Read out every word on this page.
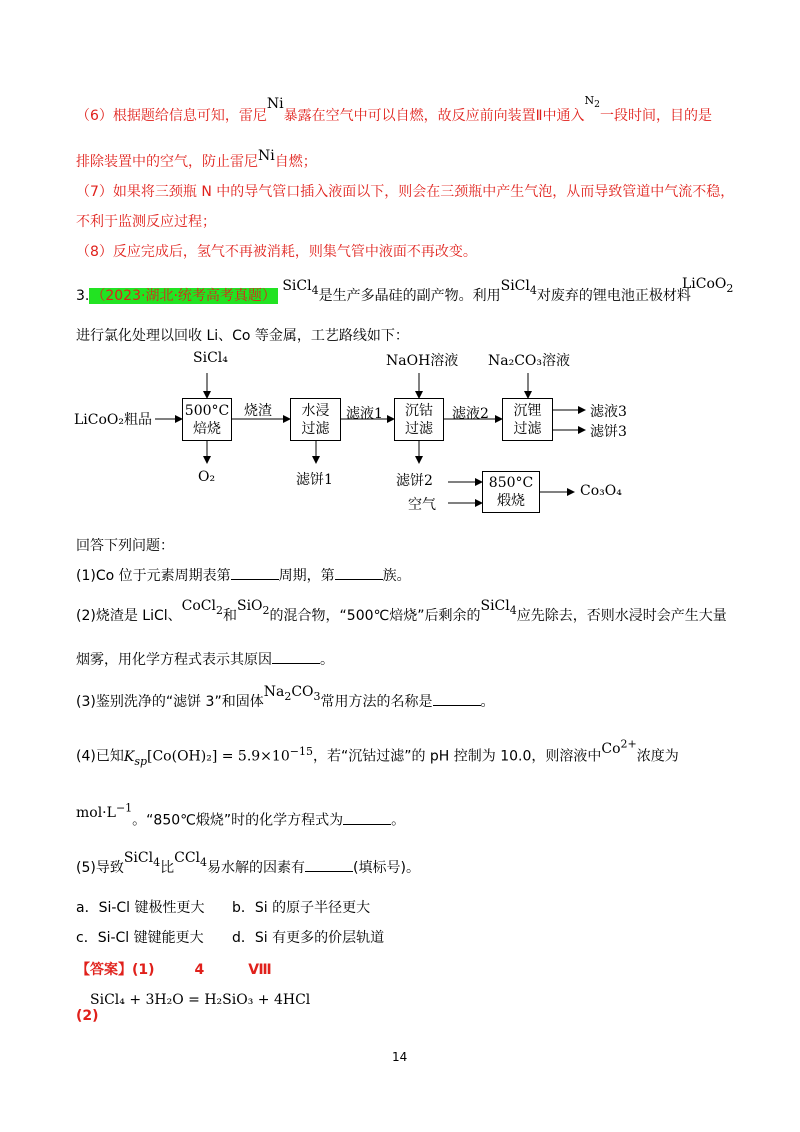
（6）根据题给信息可知，雷尼Ni暴露在空气中可以自燃，故反应前向装置Ⅱ中通入$^{N_2}$一段时间，目的是
排除装置中的空气，防止雷尼Ni自燃；
（7）如果将三颈瓶 N 中的导气管口插入液面以下，则会在三颈瓶中产生气泡，从而导致管道中气流不稳，
不利于监测反应过程；
（8）反应完成后，氢气不再被消耗，则集气管中液面不再改变。
3. （2023·湖北·统考高考真题） SiCl$_4$是生产多晶硅的副产物。利用SiCl$_4$对废弃的锂电池正极材料
LiCoO$_2$
进行氯化处理以回收 Li、Co 等金属，工艺路线如下：
SiCl₄	NaOH溶液 Na₂CO₃溶液
LiCoO₂粗品
500°C
焙烧
水浸
过滤
沉钴
过滤
沉锂
过滤
850°C
煅烧
烧渣	滤液1	滤液2	滤液3
滤饼3
O₂	滤饼1	滤饼2
空气
Co₃O₄
回答下列问题：
(1)Co 位于元素周期表第	周期，第	族。
(2)烧渣是 LiCl、CoCl$_2$和SiO$_2$的混合物，“500℃焙烧”后剩余的SiCl$_4$应先除去，否则水浸时会产生大量
烟雾，用化学方程式表示其原因	。
(3)鉴别洗净的“滤饼 3”和固体$Na_2CO_3$常用方法的名称是	。
(4)已知$K_{sp}[Co(OH)_2] = 5.9\times 10^{-15}$，若“沉钴过滤”的 pH 控制为 10.0，则溶液中$Co^{2+}$浓度为
$mol\cdot L^{-1}$。“850℃煅烧”时的化学方程式为	。
(5)导致SiCl$_4$比CCl$_4$易水解的因素有	(填标号)。
a．Si-Cl 键极性更大 b．Si 的原子半径更大
c．Si-Cl 键键能更大 d．Si 有更多的价层轨道
【答案】(1)	4	Ⅷ
SiCl₄ + 3H₂O = H₂SiO₃ + 4HCl
(2)
14
